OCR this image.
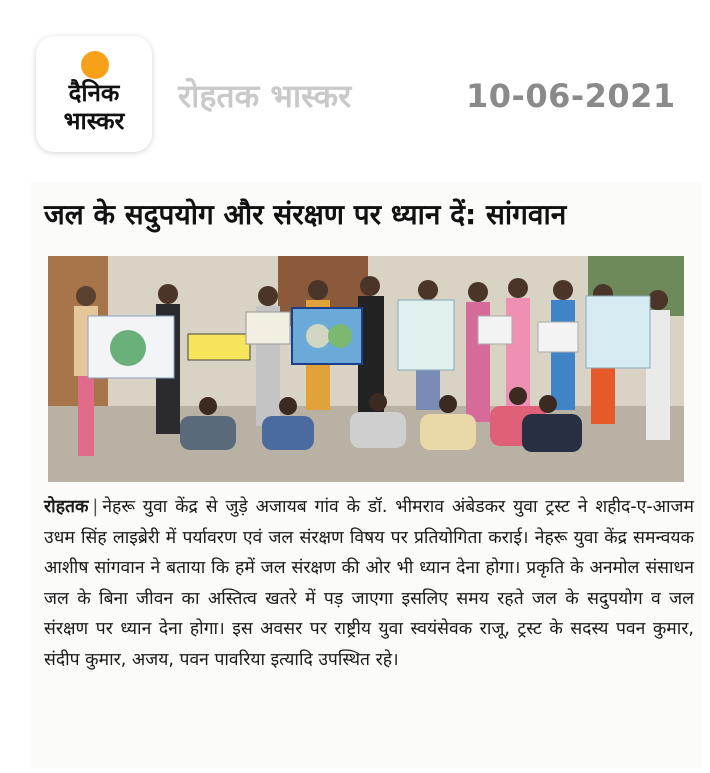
दैनिक
भास्कर
रोहतक भास्कर	10-06-2021
जल के सदुपयोग और संरक्षण पर ध्यान दें: सांगवान
रोहतक | नेहरू युवा केंद्र से जुड़े अजायब गांव के डॉ. भीमराव अंबेडकर युवा ट्रस्ट ने शहीद-ए-आजम उधम सिंह लाइब्रेरी में पर्यावरण एवं जल संरक्षण विषय पर प्रतियोगिता कराई। नेहरू युवा केंद्र समन्वयक आशीष सांगवान ने बताया कि हमें जल संरक्षण की ओर भी ध्यान देना होगा। प्रकृति के अनमोल संसाधन जल के बिना जीवन का अस्तित्व खतरे में पड़ जाएगा इसलिए समय रहते जल के सदुपयोग व जल संरक्षण पर ध्यान देना होगा। इस अवसर पर राष्ट्रीय युवा स्वयंसेवक राजू, ट्रस्ट के सदस्य पवन कुमार, संदीप कुमार, अजय, पवन पावरिया इत्यादि उपस्थित रहे।
